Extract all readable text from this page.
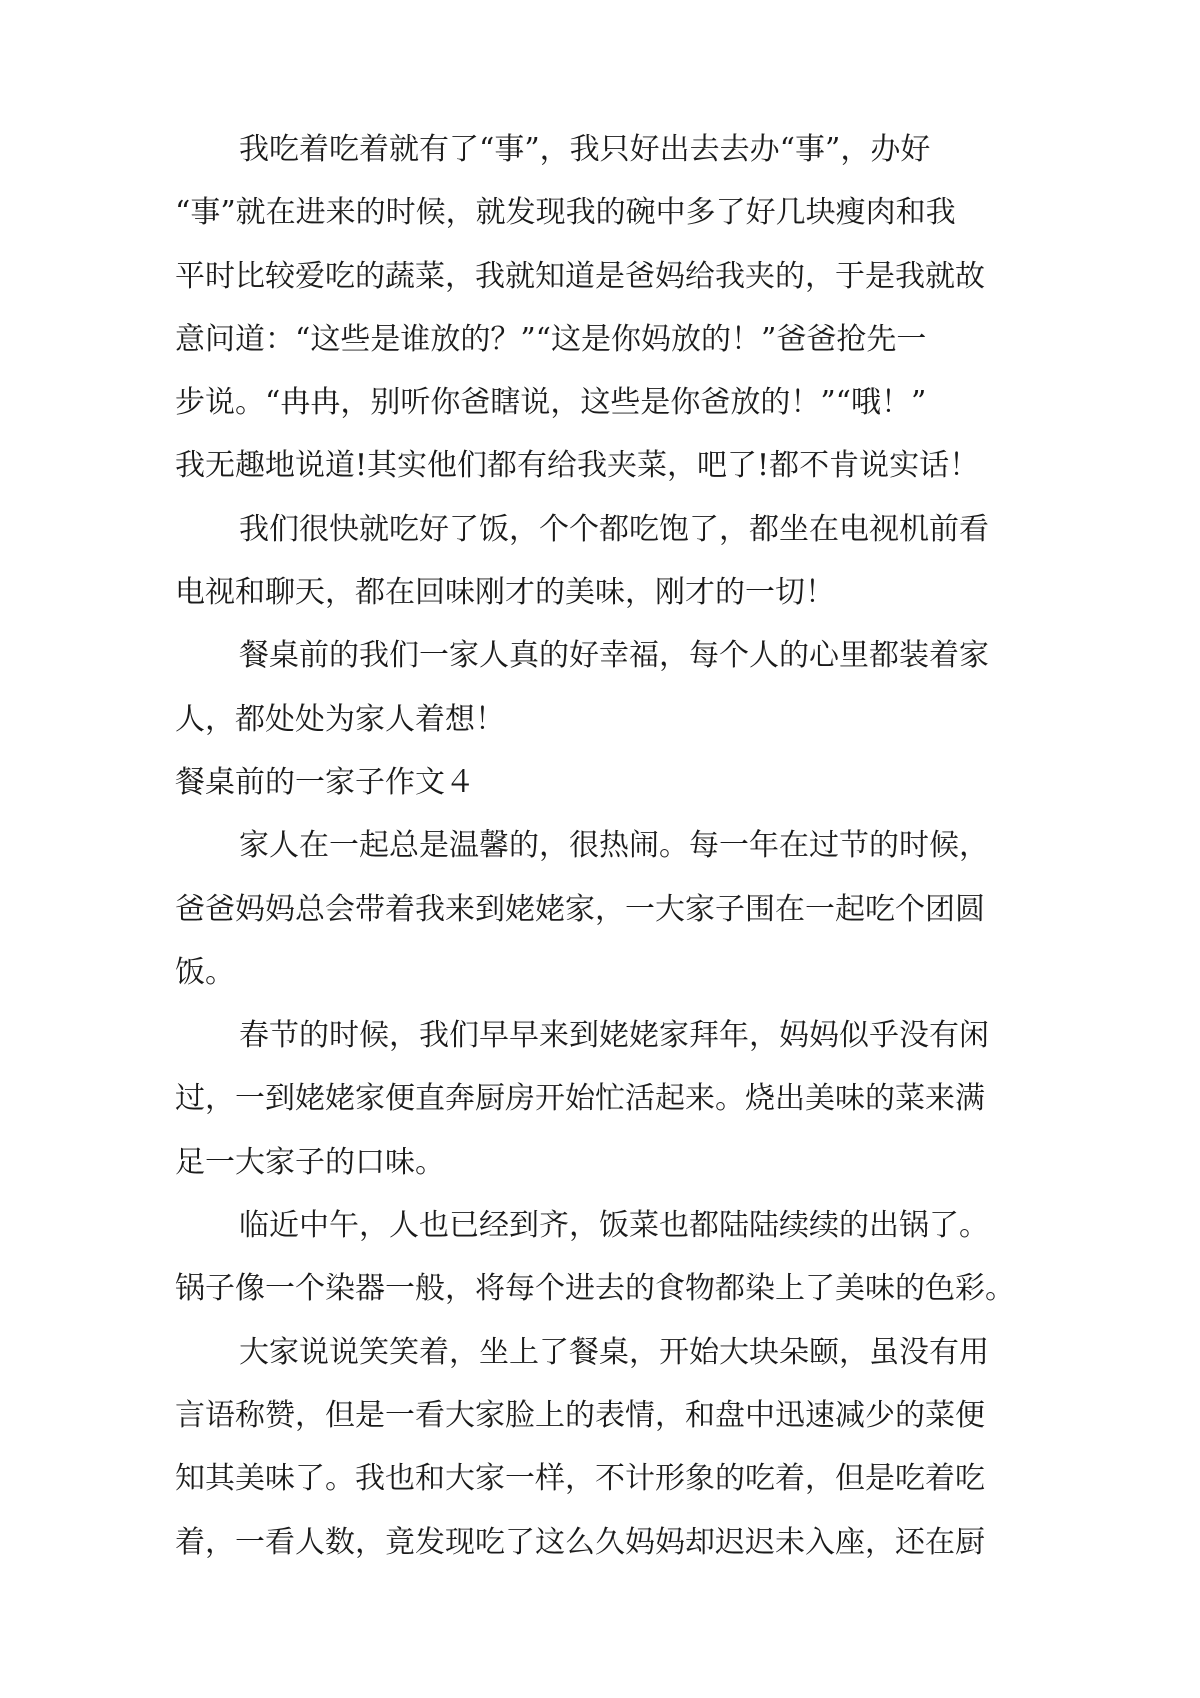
我吃着吃着就有了“事”，我只好出去去办“事”，办好
“事”就在进来的时候，就发现我的碗中多了好几块瘦肉和我
平时比较爱吃的蔬菜，我就知道是爸妈给我夹的，于是我就故
意问道：“这些是谁放的？”“这是你妈放的！”爸爸抢先一
步说。“冉冉，别听你爸瞎说，这些是你爸放的！”“哦！”
我无趣地说道!其实他们都有给我夹菜，吧了!都不肯说实话！
我们很快就吃好了饭，个个都吃饱了，都坐在电视机前看
电视和聊天，都在回味刚才的美味，刚才的一切！
餐桌前的我们一家人真的好幸福，每个人的心里都装着家
人，都处处为家人着想！
餐桌前的一家子作文４
家人在一起总是温馨的，很热闹。每一年在过节的时候，
爸爸妈妈总会带着我来到姥姥家，一大家子围在一起吃个团圆
饭。
春节的时候，我们早早来到姥姥家拜年，妈妈似乎没有闲
过，一到姥姥家便直奔厨房开始忙活起来。烧出美味的菜来满
足一大家子的口味。
临近中午，人也已经到齐，饭菜也都陆陆续续的出锅了。
锅子像一个染器一般，将每个进去的食物都染上了美味的色彩。
大家说说笑笑着，坐上了餐桌，开始大块朵颐，虽没有用
言语称赞，但是一看大家脸上的表情，和盘中迅速减少的菜便
知其美味了。我也和大家一样，不计形象的吃着，但是吃着吃
着，一看人数，竟发现吃了这么久妈妈却迟迟未入座，还在厨
